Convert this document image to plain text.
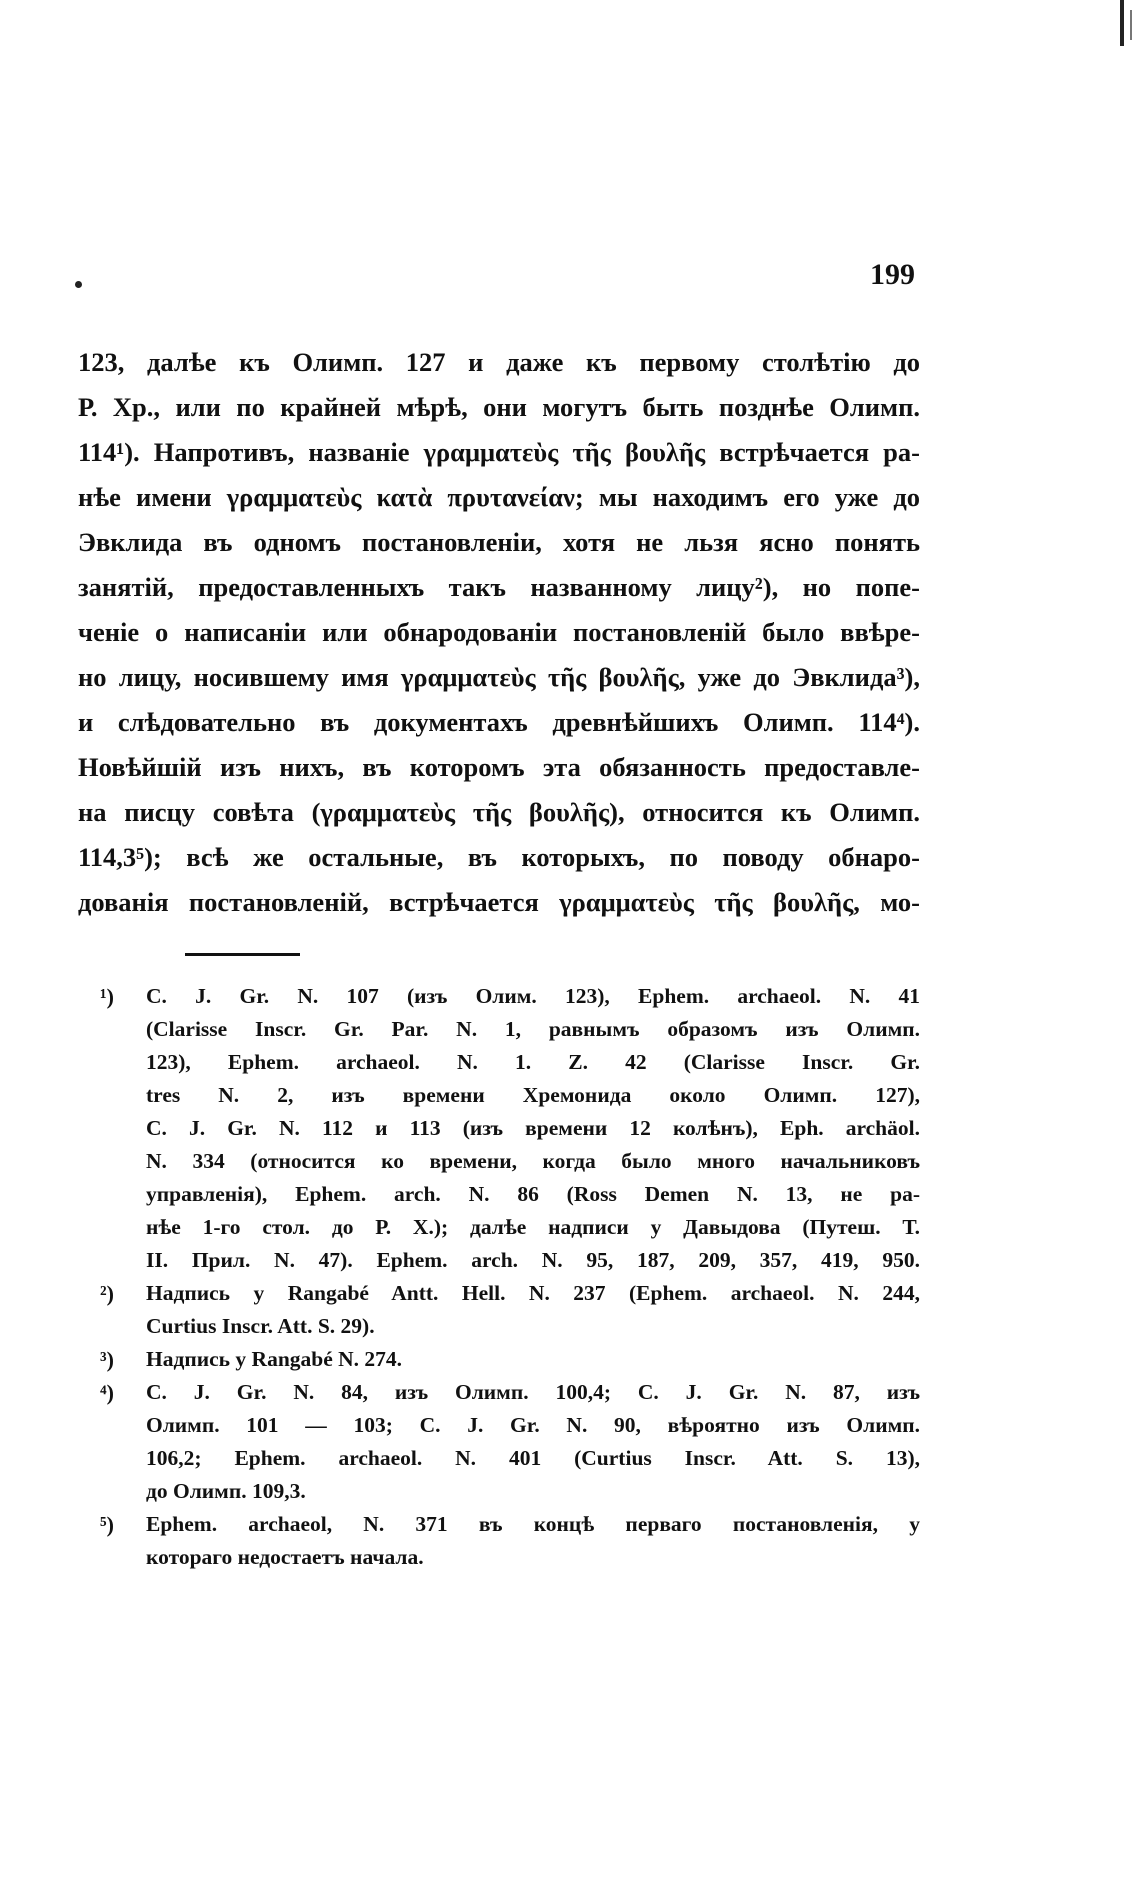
199
123, далѣе къ Олимп. 127 и даже къ первому столѣтію до
Р. Хр., или по крайней мѣрѣ, они могутъ быть позднѣе Олимп.
114¹). Напротивъ, названіе γραμματεὺς τῆς βουλῆς встрѣчается ра-
нѣе имени γραμματεὺς κατὰ πρυτανείαν; мы находимъ его уже до
Эвклида въ одномъ постановленіи, хотя не льзя ясно понять
занятій, предоставленныхъ такъ названному лицу²), но попе-
ченіе о написаніи или обнародованіи постановленій было ввѣре-
но лицу, носившему имя γραμματεὺς τῆς βουλῆς, уже до Эвклида³),
и слѣдовательно въ документахъ древнѣйшихъ Олимп. 114⁴).
Новѣйшій изъ нихъ, въ которомъ эта обязанность предоставле-
на писцу совѣта (γραμματεὺς τῆς βουλῆς), относится къ Олимп.
114,3⁵); всѣ же остальные, въ которыхъ, по поводу обнаро-
дованія постановленій, встрѣчается γραμματεὺς τῆς βουλῆς, мо-
¹) C. J. Gr. N. 107 (изъ Олим. 123), Ephem. archaeol. N. 41
(Clarisse Inscr. Gr. Par. N. 1, равнымъ образомъ изъ Олимп.
123), Ephem. archaeol. N. 1. Z. 42 (Clarisse Inscr. Gr.
tres N. 2, изъ времени Хремонида около Олимп. 127),
C. J. Gr. N. 112 и 113 (изъ времени 12 колѣнъ), Eph. archäol.
N. 334 (относится ко времени, когда было много начальниковъ
управленія), Ephem. arch. N. 86 (Ross Demen N. 13, не ра-
нѣе 1-го стол. до Р. Х.); далѣе надписи у Давыдова (Путеш. Т.
II. Прил. N. 47). Ephem. arch. N. 95, 187, 209, 357, 419, 950.
²) Надпись у Rangabé Antt. Hell. N. 237 (Ephem. archaeol. N. 244,
Curtius Inscr. Att. S. 29).
³) Надпись у Rangabé N. 274.
⁴) C. J. Gr. N. 84, изъ Олимп. 100,4; C. J. Gr. N. 87, изъ
Олимп. 101 — 103; C. J. Gr. N. 90, вѣроятно изъ Олимп.
106,2; Ephem. archaeol. N. 401 (Curtius Inscr. Att. S. 13),
до Олимп. 109,3.
⁵) Ephem. archaeol, N. 371 въ концѣ перваго постановленія, у
котораго недостаетъ начала.
